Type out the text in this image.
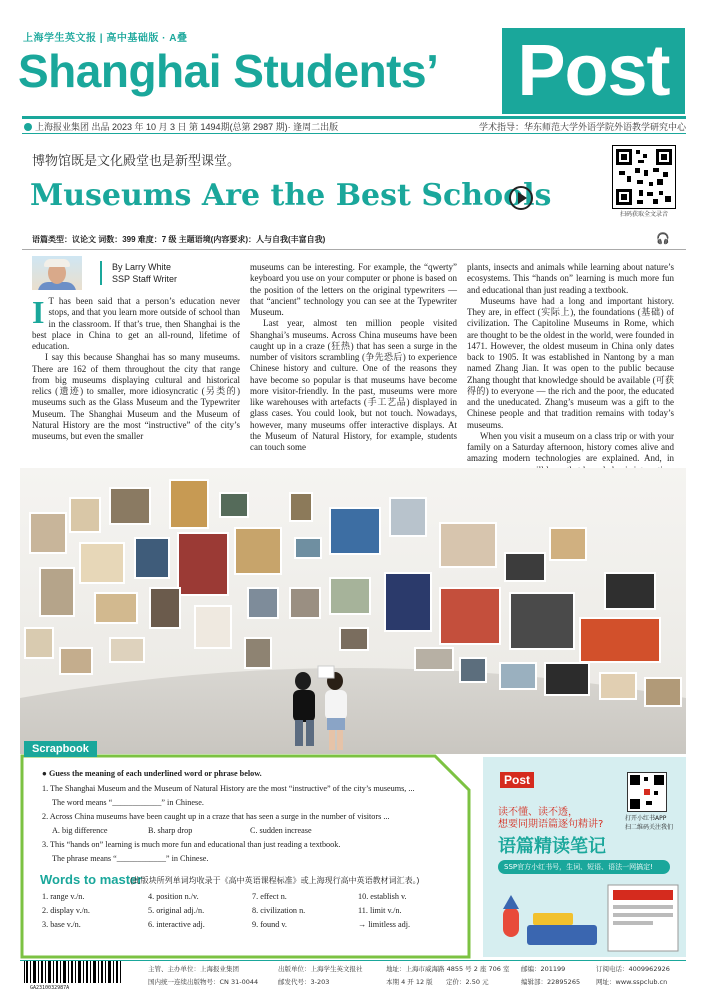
上海学生英文报 | 高中基础版 · A叠
Shanghai Students’ Post
上海报业集团 出品 2023 年 10 月 3 日 第 1494期(总第 2987 期)· 逢周二出版	学术指导：华东师范大学外语学院外语教学研究中心
博物馆既是文化殿堂也是新型课堂。
Museums Are the Best Schools
扫码获取全文录音
语篇类型：议论文 词数：399 难度：7 级 主题语境(内容要求)：人与自我(丰富自我)	🎧
By Larry White
SSP Staff Writer

I T has been said that a person’s education never stops, and that you learn more outside of school than in the classroom. If that’s true, then Shanghai is the best place in China to get an all-round, lifetime of education.

I say this because Shanghai has so many museums. There are 162 of them throughout the city that range from big museums displaying cultural and historical relics (遗迹) to smaller, more idiosyncratic (另类的) museums such as the Glass Museum and the Typewriter Museum. The Shanghai Museum and the Museum of Natural History are the most “instructive” of the city’s museums, but even the smaller

museums can be interesting. For example, the “qwerty” keyboard you use on your computer or phone is based on the position of the letters on the original typewriters — that “ancient” technology you can see at the Typewriter Museum.

Last year, almost ten million people visited Shanghai’s museums. Across China museums have been caught up in a craze (狂热) that has seen a surge in the number of visitors scrambling (争先恐后) to experience Chinese history and culture. One of the reasons they have become so popular is that museums have become more visitor-friendly. In the past, museums were more like warehouses with artefacts (手工艺品) displayed in glass cases. You could look, but not touch. Nowadays, however, many museums offer interactive displays. At the Museum of Natural History, for example, students can touch some

plants, insects and animals while learning about nature’s ecosystems. This “hands on” learning is much more fun and educational than just reading a textbook.

Museums have had a long and important history. They are, in effect (实际上), the foundations (基础) of civilization. The Capitoline Museums in Rome, which are thought to be the oldest in the world, were founded in 1471. However, the oldest museum in China only dates back to 1905. It was established in Nantong by a man named Zhang Jian. It was open to the public because Zhang thought that knowledge should be available (可获得的) to everyone — the rich and the poor, the educated and the uneducated. Zhang’s museum was a gift to the Chinese people and that tradition remains with today’s museums.

When you visit a museum on a class trip or with your family on a Saturday afternoon, history comes alive and amazing modern technologies are explained. And, in

Scrapbook
● Guess the meaning of each underlined word or phrase below.
1. The Shanghai Museum and the Museum of Natural History are the most “instructive” of the city’s museums, ...
The word means “____________” in Chinese.
2. Across China museums have been caught up in a craze that has seen a surge in the number of visitors ...
A. big difference	B. sharp drop	C. sudden increase
3. This “hands on” learning is much more fun and educational than just reading a textbook.
The phrase means “____________” in Chinese.
Words to master
(此版块所列单词均收录于《高中英语课程标准》或上海现行高中英语教材词汇表。)
1. range v./n.
2. display v./n.
3. base v./n.
4. position n./v.
5. original adj./n.
6. interactive adj.
7. effect n.
8. civilization n.
9. found v.
10. establish v.
11. limit v./n.
→ limitless adj.
Post
读不懂、读不透，
想要同期语篇逐句精讲?
语篇精读笔记
SSP官方小红书号，生词、短语、语法一网搞定!
打开小红书APP
扫二维码关注我们
GA2310032987A
主管、主办单位：上海报业集团
国内统一连续出版物号：CN 31-0044
出版单位：上海学生英文报社
邮发代号：3-203
地址：上海市威海路 4855 号 2 座 706 室
本期 4 开 12 版 定价：2.50 元
邮编：201199
编辑部：22895265
订阅电话：4009962926
网址：www.sspclub.cn
